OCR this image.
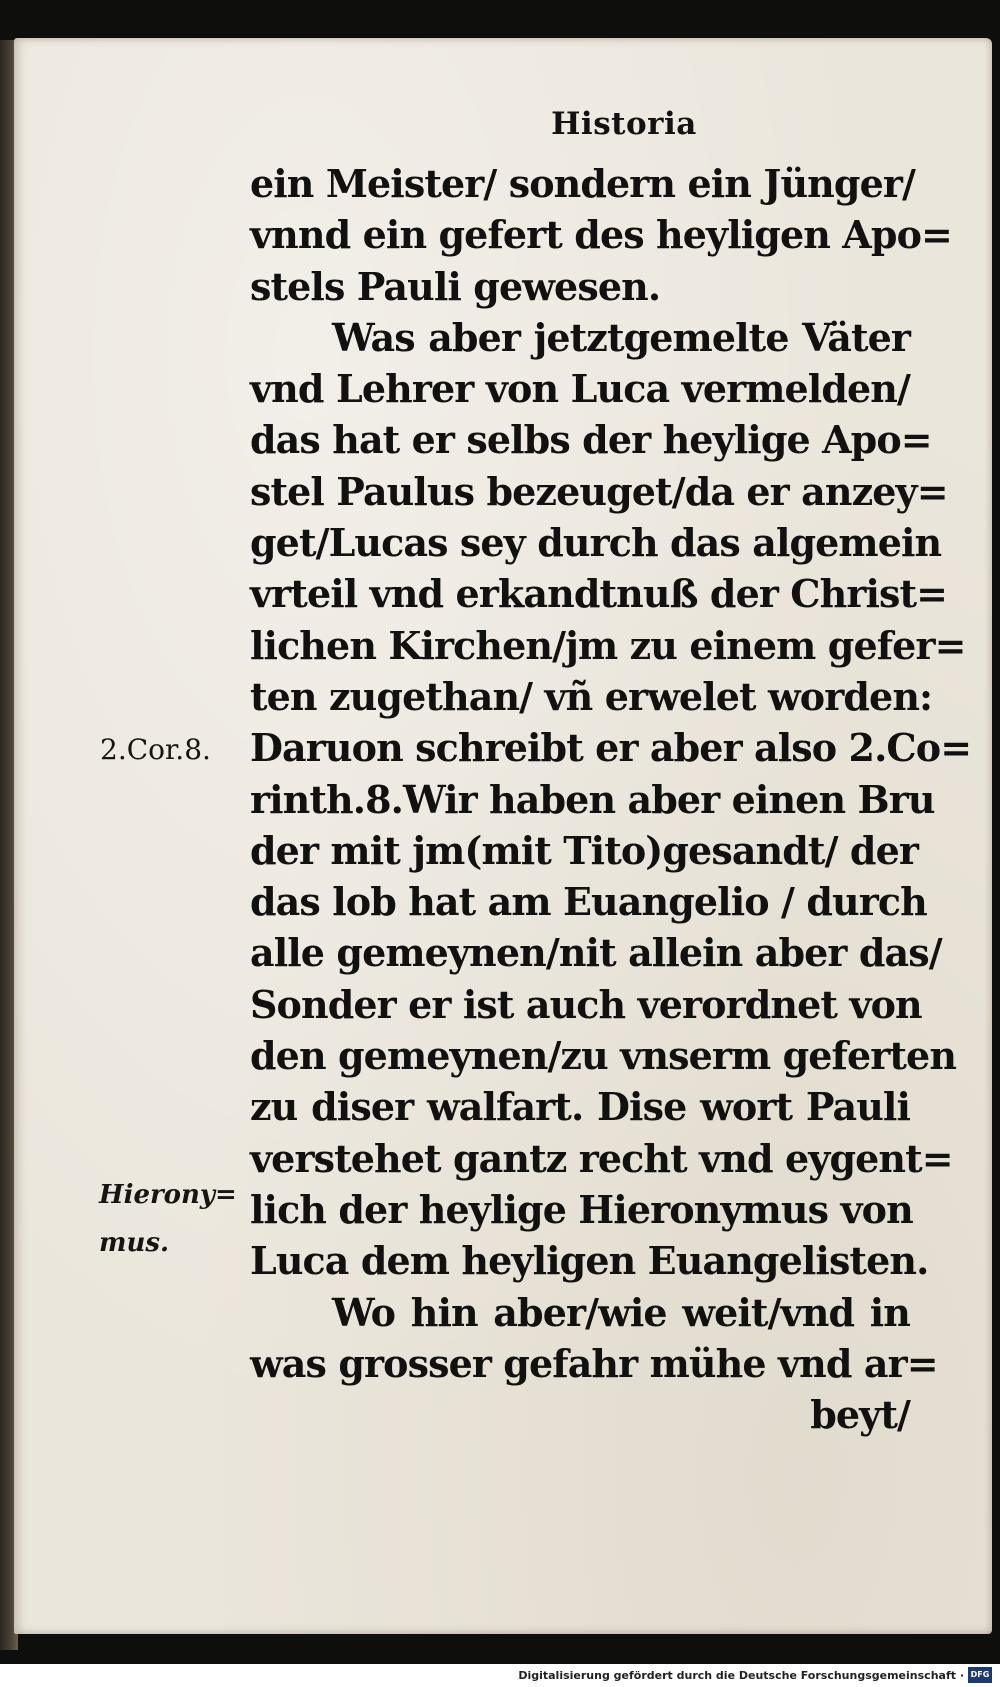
Historia

ein Meister/ sondern ein Jünger/
vnnd ein gefert des heyligen Apo=
stels Pauli gewesen.
Was aber jetztgemelte Väter
vnd Lehrer von Luca vermelden/
das hat er selbs der heylige Apo=
stel Paulus bezeuget/da er anzey=
get/Lucas sey durch das algemein
vrteil vnd erkandtnuß der Christ=
lichen Kirchen/jm zu einem gefer=
ten zugethan/ vñ erwelet worden:
Daruon schreibt er aber also 2.Co=
rinth.8.Wir haben aber einen Bru
der mit jm(mit Tito)gesandt/ der
das lob hat am Euangelio / durch
alle gemeynen/nit allein aber das/
Sonder er ist auch verordnet von
den gemeynen/zu vnserm geferten
zu diser walfart. Dise wort Pauli
verstehet gantz recht vnd eygent=
lich der heylige Hieronymus von
Luca dem heyligen Euangelisten.
Wo hin aber/wie weit/vnd in
was grosser gefahr mühe vnd ar=
beyt/

2.Cor.8.

Hierony=
mus.

Digitalisierung gefördert durch die Deutsche Forschungsgemeinschaft · DFG
